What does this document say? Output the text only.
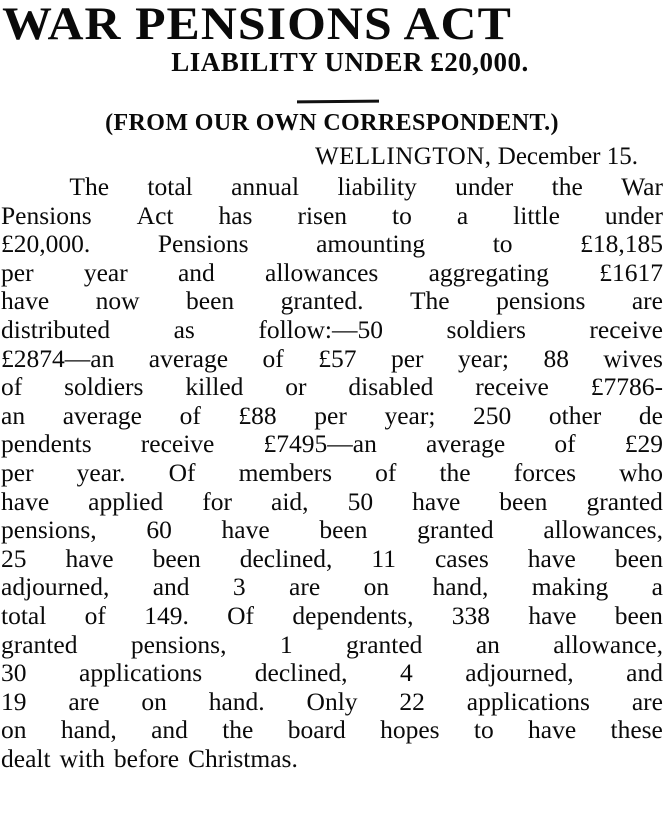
WAR PENSIONS ACT
LIABILITY UNDER £20,000.
(FROM OUR OWN CORRESPONDENT.)
WELLINGTON, December 15.
The total annual liability under the War
Pensions Act has risen to a little under
£20,000.	Pensions	amounting	to	£18,185
per year and allowances aggregating £1617
have now been granted. The pensions are
distributed as follow:—50 soldiers receive
£2874—an average of £57 per year; 88 wives
of soldiers killed or disabled receive £7786-
an average of £88 per year; 250 other de
pendents receive £7495—an average of £29
per year. Of members of the forces who
have applied for aid, 50 have been granted
pensions, 60 have been granted allowances,
25 have been declined, 11 cases have been
adjourned, and 3 are on hand, making a
total of 149. Of dependents, 338 have been
granted pensions, 1 granted an allowance,
30 applications declined, 4 adjourned, and
19 are on hand. Only 22 applications are
on hand, and the board hopes to have these
dealt with before Christmas.
